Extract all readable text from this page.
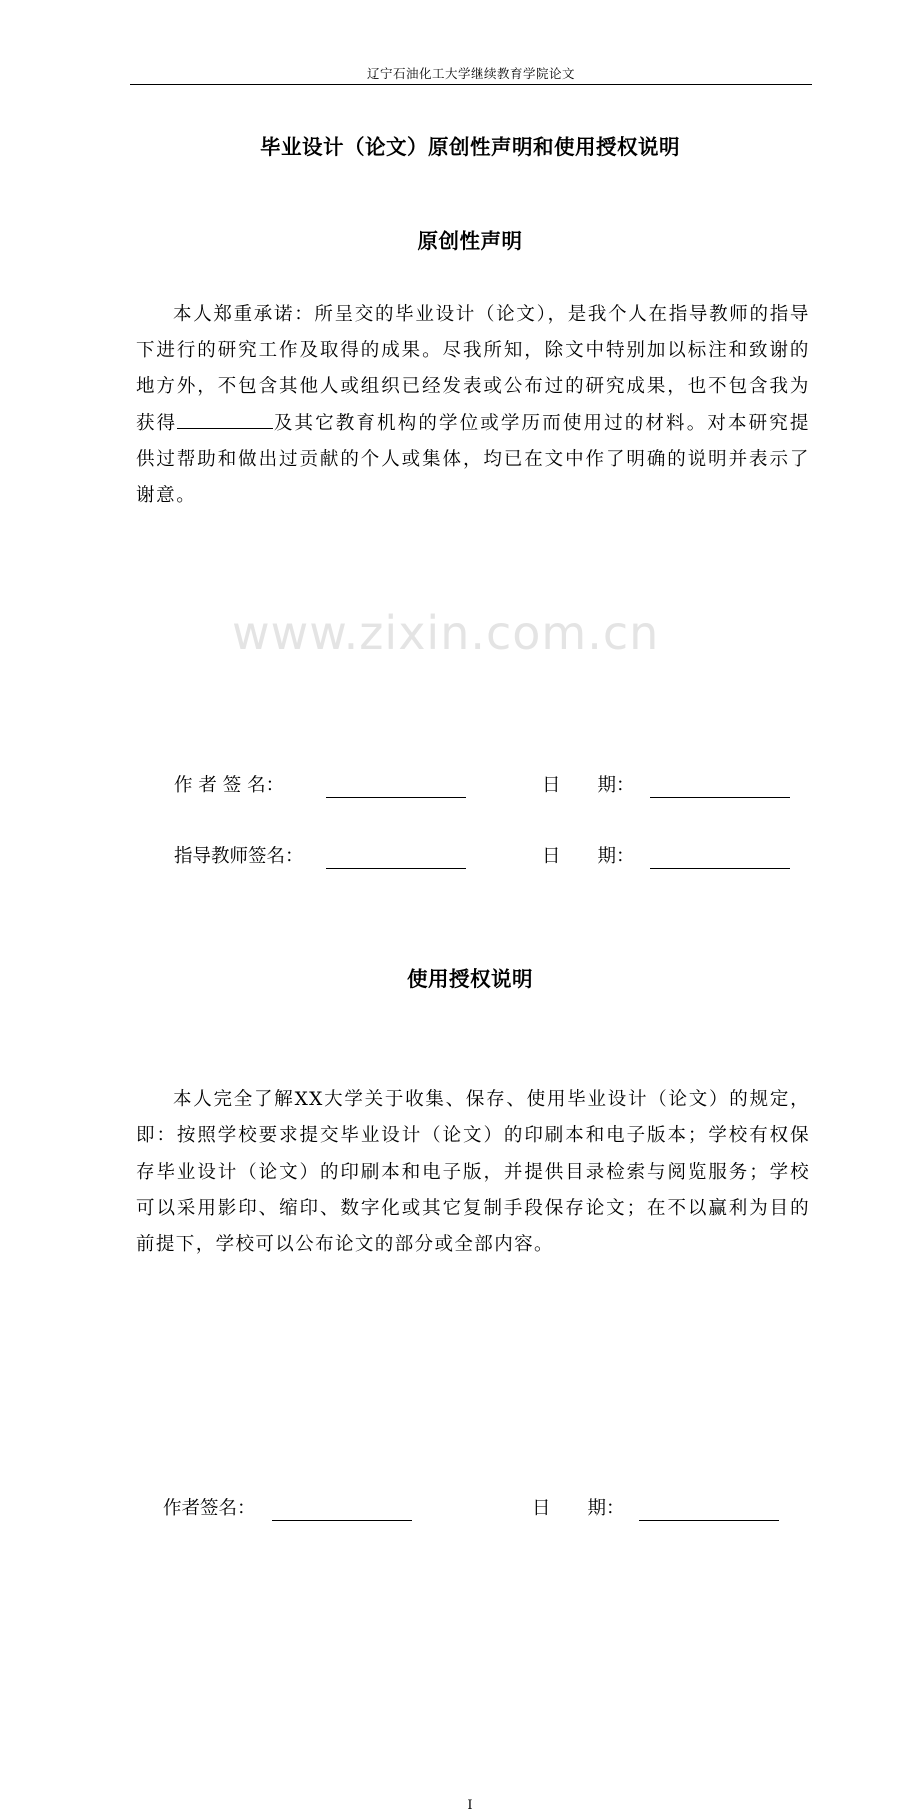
www.zixin.com.cn
辽宁石油化工大学继续教育学院论文
毕业设计（论文）原创性声明和使用授权说明
原创性声明

本人郑重承诺：所呈交的毕业设计（论文），是我个人在指导教师的指导下进行的研究工作及取得的成果。尽我所知，除文中特别加以标注和致谢的地方外，不包含其他人或组织已经发表或公布过的研究成果，也不包含我为获得	及其它教育机构的学位或学历而使用过的材料。对本研究提供过帮助和做出过贡献的个人或集体，均已在文中作了明确的说明并表示了谢意。

作 者 签 名：	日　　期：
指导教师签名：	日　　期：
使用授权说明

本人完全了解XX大学关于收集、保存、使用毕业设计（论文）的规定，即：按照学校要求提交毕业设计（论文）的印刷本和电子版本；学校有权保存毕业设计（论文）的印刷本和电子版，并提供目录检索与阅览服务；学校可以采用影印、缩印、数字化或其它复制手段保存论文；在不以赢利为目的前提下，学校可以公布论文的部分或全部内容。

作者签名：	日　　期：
I
